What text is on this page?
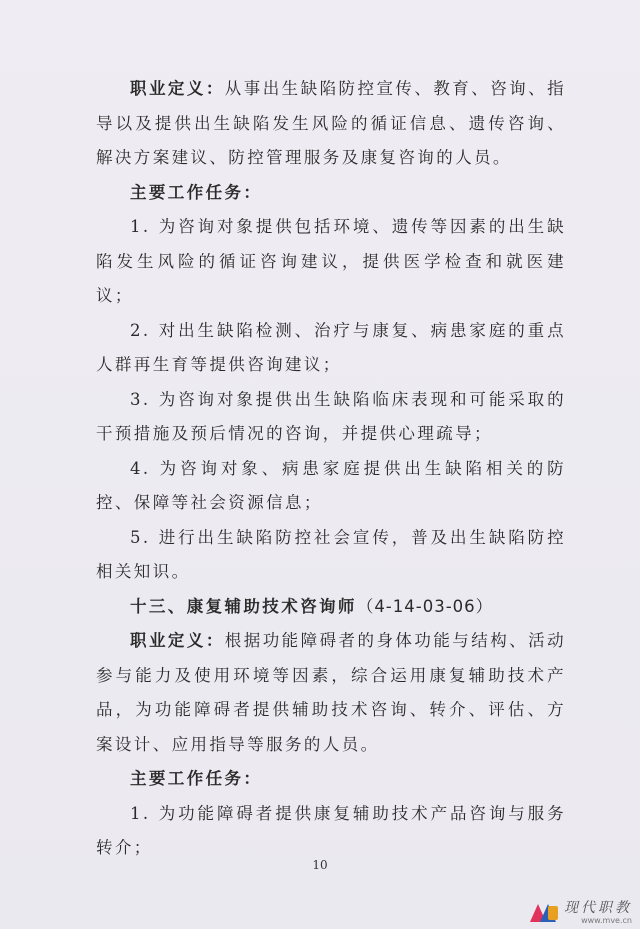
职业定义：从事出生缺陷防控宣传、教育、咨询、指导以及提供出生缺陷发生风险的循证信息、遗传咨询、解决方案建议、防控管理服务及康复咨询的人员。

主要工作任务：

1. 为咨询对象提供包括环境、遗传等因素的出生缺陷发生风险的循证咨询建议，提供医学检查和就医建议；

2. 对出生缺陷检测、治疗与康复、病患家庭的重点人群再生育等提供咨询建议；

3. 为咨询对象提供出生缺陷临床表现和可能采取的干预措施及预后情况的咨询，并提供心理疏导；

4. 为咨询对象、病患家庭提供出生缺陷相关的防控、保障等社会资源信息；

5. 进行出生缺陷防控社会宣传，普及出生缺陷防控相关知识。

十三、康复辅助技术咨询师（4-14-03-06）

职业定义：根据功能障碍者的身体功能与结构、活动参与能力及使用环境等因素，综合运用康复辅助技术产品，为功能障碍者提供辅助技术咨询、转介、评估、方案设计、应用指导等服务的人员。

主要工作任务：

1. 为功能障碍者提供康复辅助技术产品咨询与服务转介；

10
现代职教
www.mve.cn
